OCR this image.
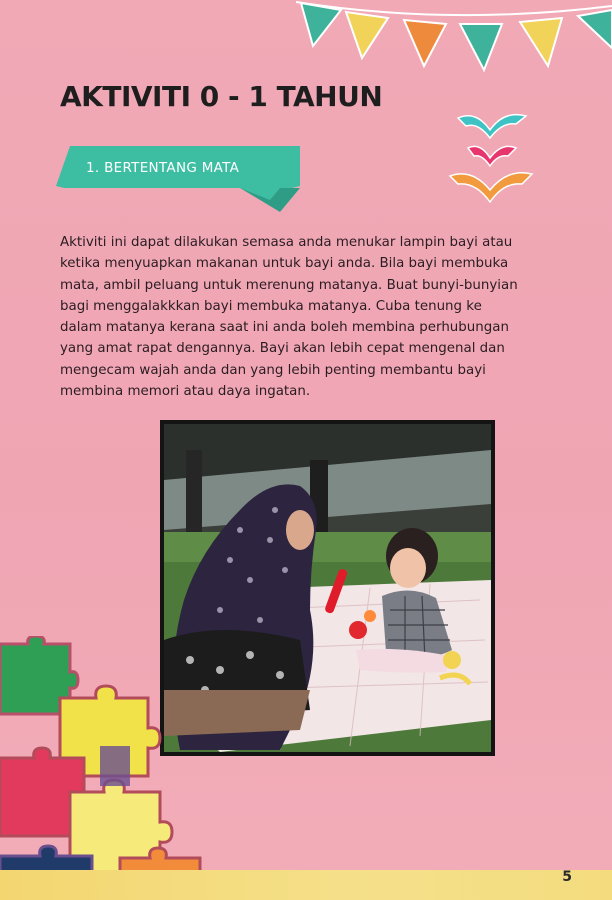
AKTIVITI 0 - 1 TAHUN
1. BERTENTANG MATA

Aktiviti ini dapat dilakukan semasa anda menukar lampin bayi atau
ketika menyuapkan makanan untuk bayi anda. Bila bayi membuka
mata, ambil peluang untuk merenung matanya. Buat bunyi-bunyian
bagi menggalakkkan bayi membuka matanya. Cuba tenung ke
dalam matanya kerana saat ini anda boleh membina perhubungan
yang amat rapat dengannya. Bayi akan lebih cepat mengenal dan
mengecam wajah anda dan yang lebih penting membantu bayi
membina memori atau daya ingatan.

5
